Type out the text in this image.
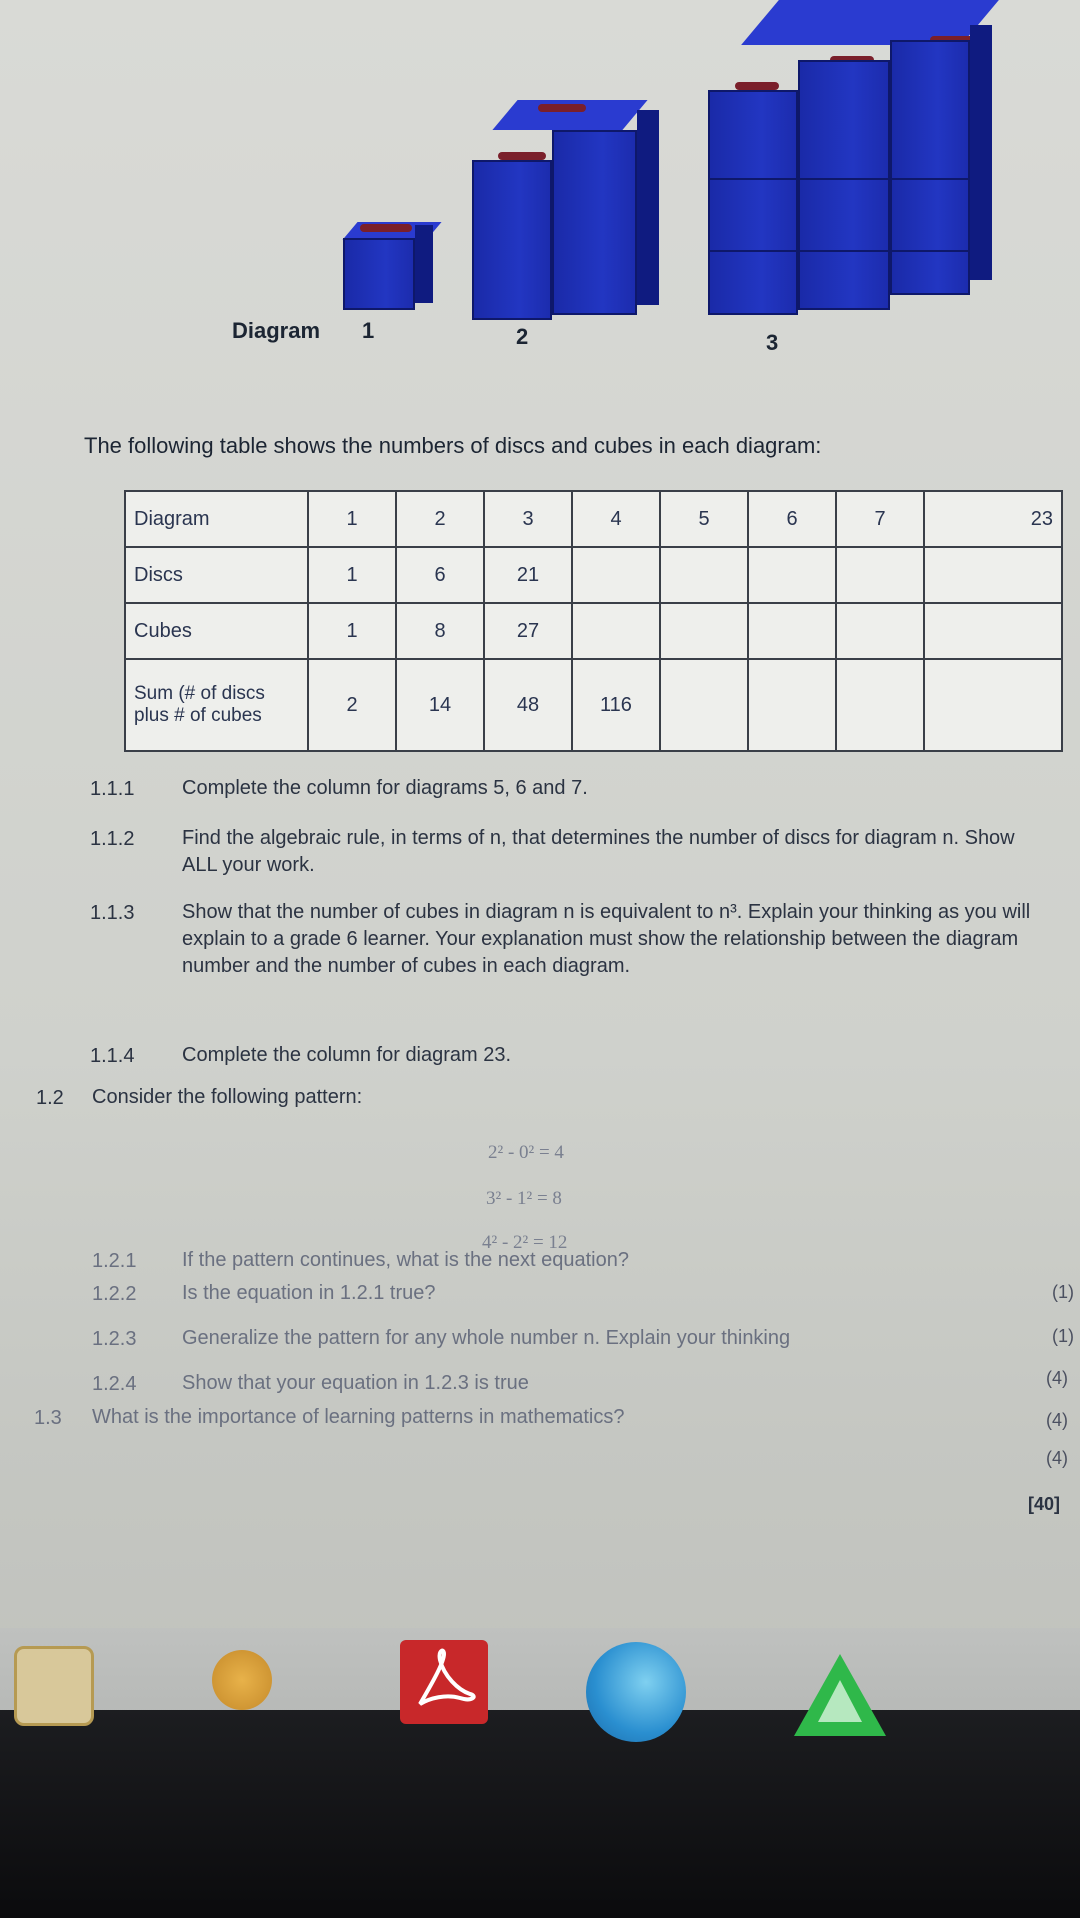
Diagram 1	2	3
The following table shows the numbers of discs and cubes in each diagram:
Diagram	1	2	3	4	5	6	7	23
Discs	1	6	21					
Cubes	1	8	27					
Sum (# of discs plus # of cubes	2	14	48	116				
1.1.1 Complete the column for diagrams 5, 6 and 7.
1.1.2 Find the algebraic rule, in terms of n, that determines the number of discs for diagram n. Show ALL your work.
1.1.3 Show that the number of cubes in diagram n is equivalent to n³. Explain your thinking as you will explain to a grade 6 learner. Your explanation must show the relationship between the diagram number and the number of cubes in each diagram.
1.1.4 Complete the column for diagram 23.
1.2 Consider the following pattern:
2² - 0² = 4
3² - 1² = 8
4² - 2² = 12
1.2.1 If the pattern continues, what is the next equation?
1.2.2 Is the equation in 1.2.1 true?
1.2.3 Generalize the pattern for any whole number n. Explain your thinking
1.2.4 Show that your equation in 1.2.3 is true
1.3 What is the importance of learning patterns in mathematics?
(1)
(1)
(4)
(4)
(4)
[40]
